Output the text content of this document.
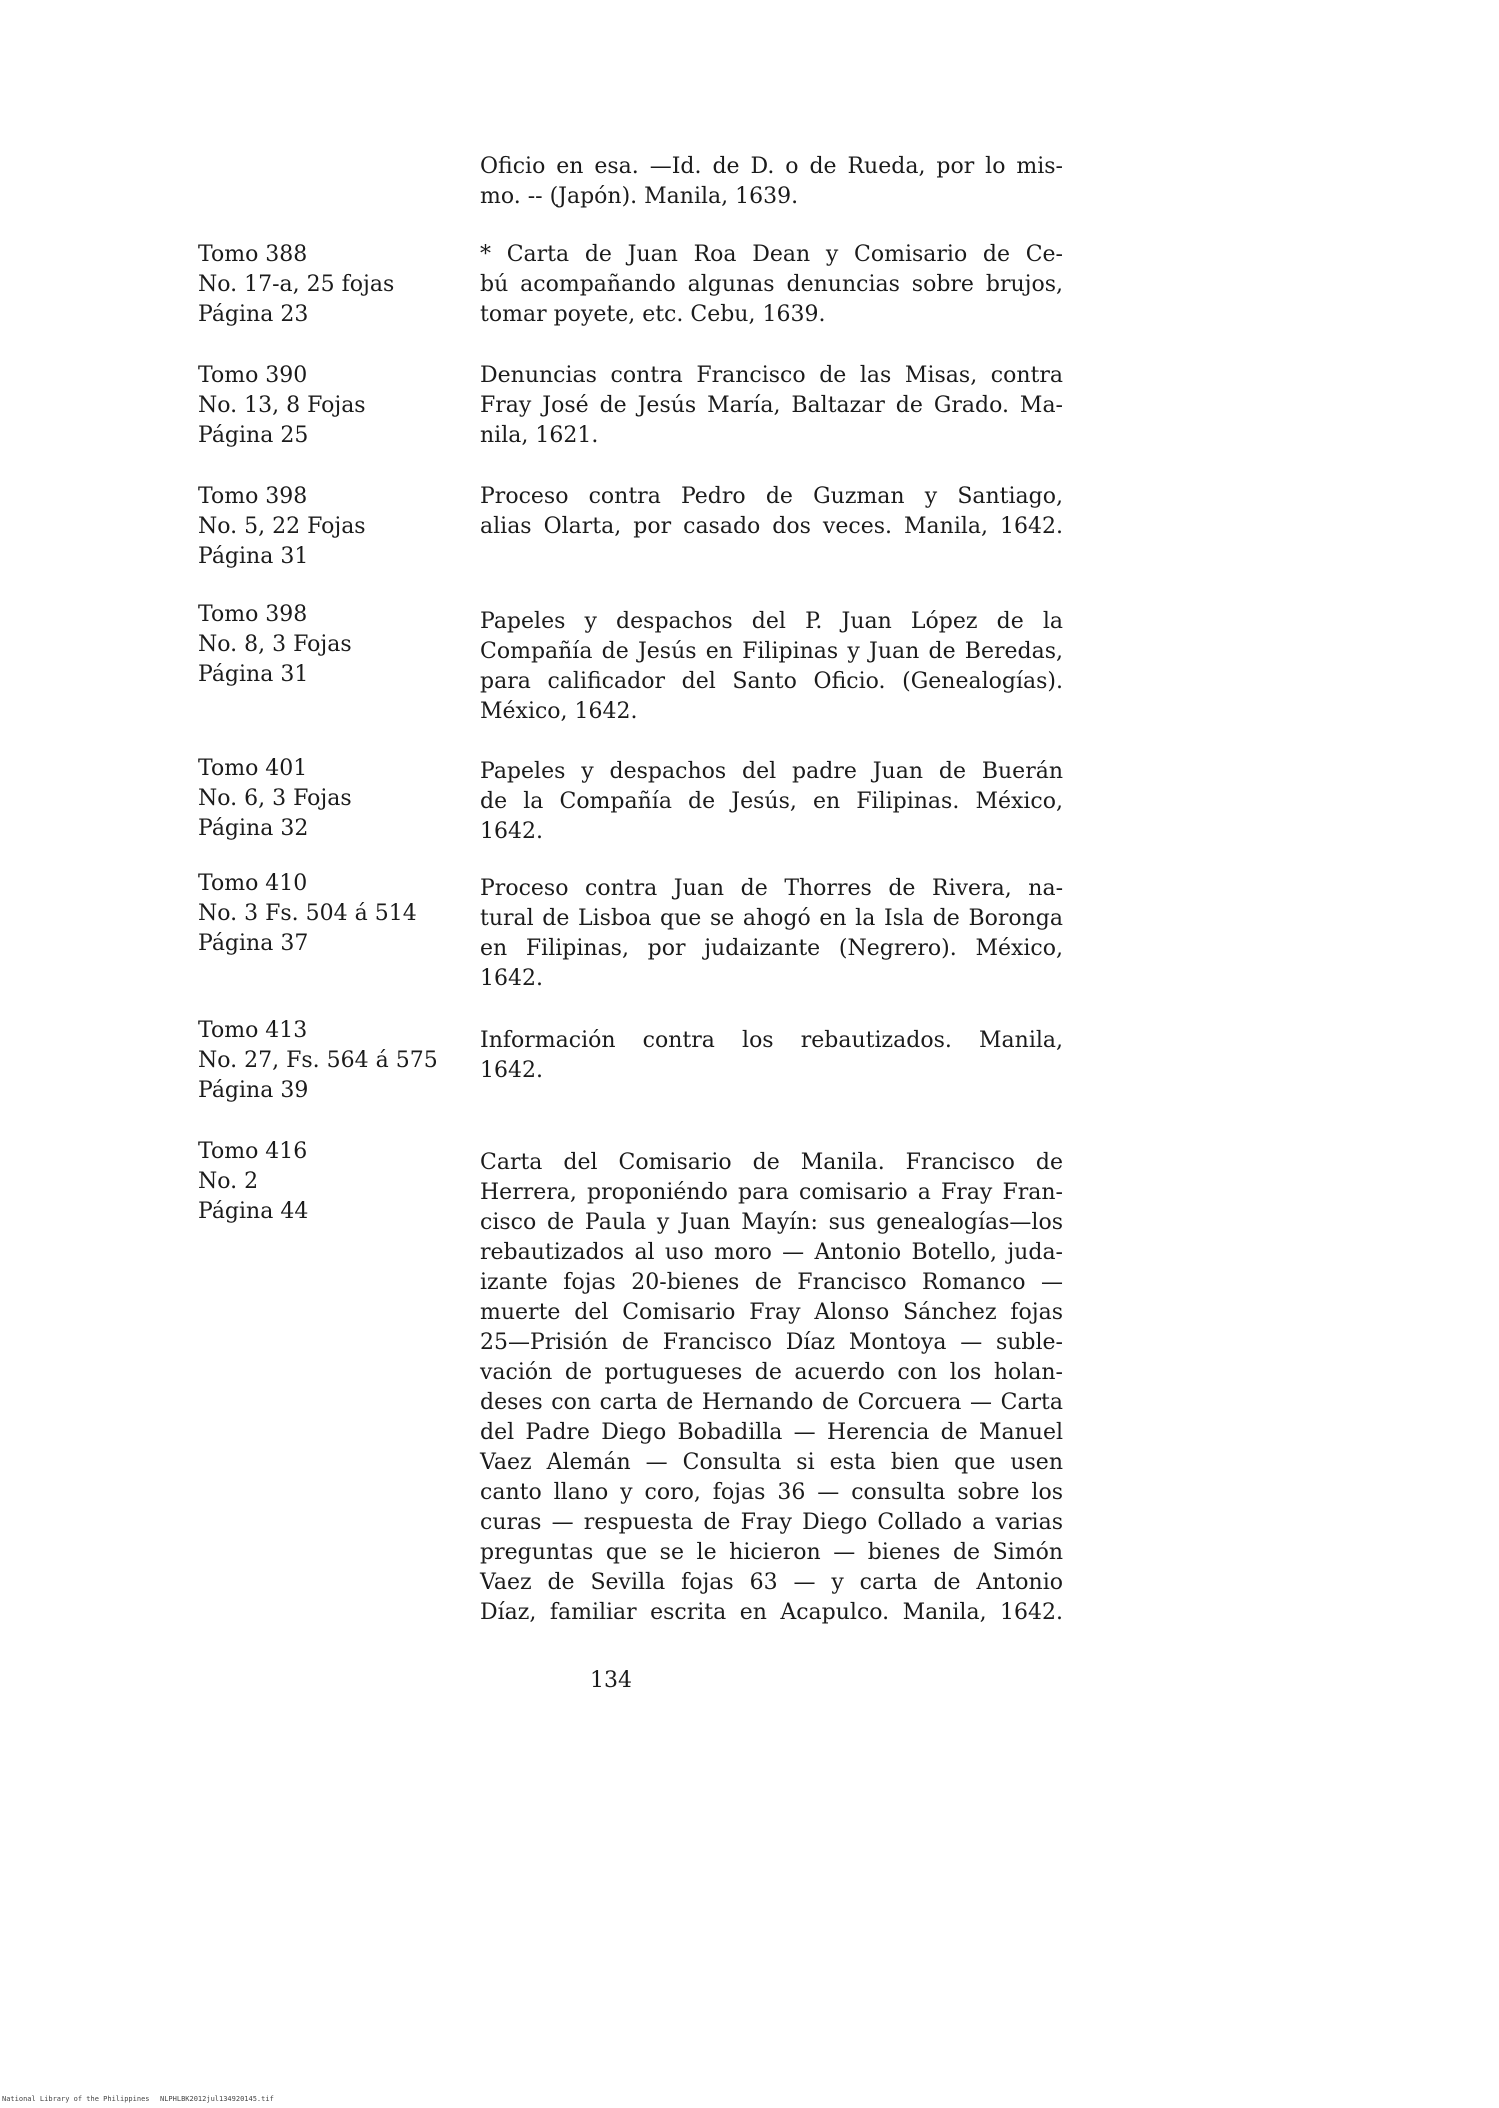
Oficio en esa. —Id. de D. o de Rueda, por lo mis-
mo. -- (Japón). Manila, 1639.
Tomo 388
No. 17-a, 25 fojas
Página 23
* Carta de Juan Roa Dean y Comisario de Ce-
bú acompañando algunas denuncias sobre brujos,
tomar poyete, etc. Cebu, 1639.
Tomo 390
No. 13, 8 Fojas
Página 25
Denuncias contra Francisco de las Misas, contra
Fray José de Jesús María, Baltazar de Grado. Ma-
nila, 1621.
Tomo 398
No. 5, 22 Fojas
Página 31
Proceso contra Pedro de Guzman y Santiago,
alias Olarta, por casado dos veces. Manila, 1642.
Tomo 398
No. 8, 3 Fojas
Página 31
Papeles y despachos del P. Juan López de la
Compañía de Jesús en Filipinas y Juan de Beredas,
para calificador del Santo Oficio. (Genealogías).
México, 1642.
Tomo 401
No. 6, 3 Fojas
Página 32
Papeles y despachos del padre Juan de Buerán
de la Compañía de Jesús, en Filipinas. México,
1642.
Tomo 410
No. 3 Fs. 504 á 514
Página 37
Proceso contra Juan de Thorres de Rivera, na-
tural de Lisboa que se ahogó en la Isla de Boronga
en Filipinas, por judaizante (Negrero). México,
1642.
Tomo 413
No. 27, Fs. 564 á 575
Página 39
Información contra los rebautizados. Manila,
1642.
Tomo 416
No. 2
Página 44
Carta del Comisario de Manila. Francisco de
Herrera, proponiéndo para comisario a Fray Fran-
cisco de Paula y Juan Mayín: sus genealogías—los
rebautizados al uso moro — Antonio Botello, juda-
izante fojas 20-bienes de Francisco Romanco —
muerte del Comisario Fray Alonso Sánchez fojas
25—Prisión de Francisco Díaz Montoya — suble-
vación de portugueses de acuerdo con los holan-
deses con carta de Hernando de Corcuera — Carta
del Padre Diego Bobadilla — Herencia de Manuel
Vaez Alemán — Consulta si esta bien que usen
canto llano y coro, fojas 36 — consulta sobre los
curas — respuesta de Fray Diego Collado a varias
preguntas que se le hicieron — bienes de Simón
Vaez de Sevilla fojas 63 — y carta de Antonio
Díaz, familiar escrita en Acapulco. Manila, 1642.
134
National Library of the Philippines NLPHLBK2012jul134920145.tif
